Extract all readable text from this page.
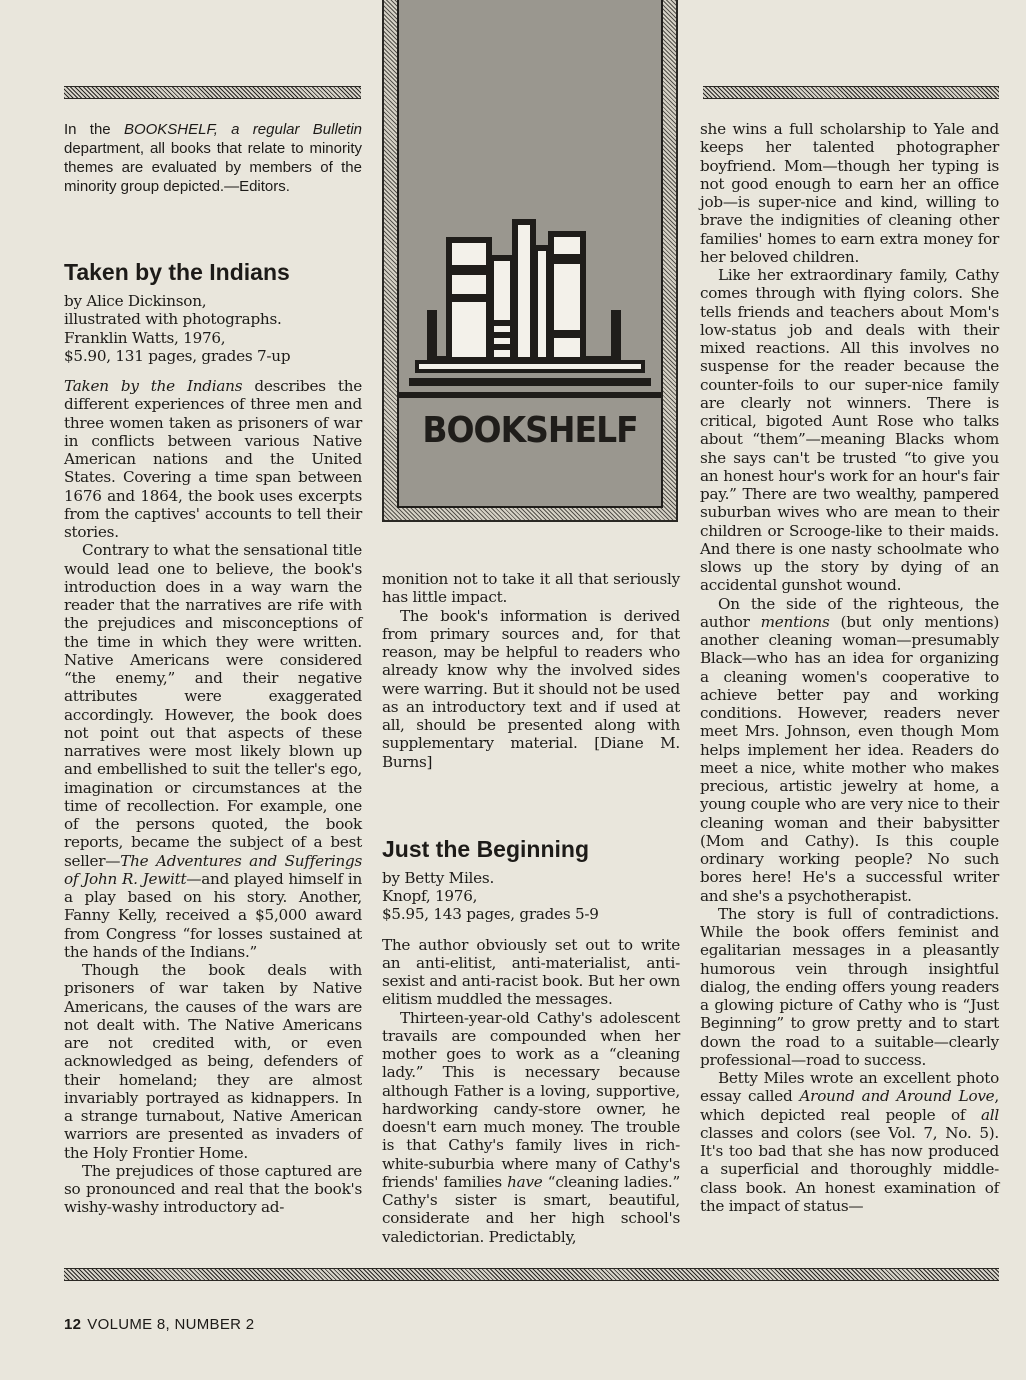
BOOKSHELF
In the BOOKSHELF, a regular Bulletin department, all books that relate to minority themes are evaluated by members of the minority group depicted.—Editors.
Taken by the Indians
by Alice Dickinson,
illustrated with photographs.
Franklin Watts, 1976,
$5.90, 131 pages, grades 7-up

Taken by the Indians describes the different experiences of three men and three women taken as prisoners of war in conflicts between various Native American nations and the United States. Covering a time span between 1676 and 1864, the book uses excerpts from the captives' accounts to tell their stories.

Contrary to what the sensational title would lead one to believe, the book's introduction does in a way warn the reader that the narratives are rife with the prejudices and misconceptions of the time in which they were written. Native Americans were considered “the enemy,” and their negative attributes were exaggerated accordingly. However, the book does not point out that aspects of these narratives were most likely blown up and embellished to suit the teller's ego, imagination or circumstances at the time of recollection. For example, one of the persons quoted, the book reports, became the subject of a best seller—The Adventures and Sufferings of John R. Jewitt—and played himself in a play based on his story. Another, Fanny Kelly, received a $5,000 award from Congress “for losses sustained at the hands of the Indians.”

Though the book deals with prisoners of war taken by Native Americans, the causes of the wars are not dealt with. The Native Americans are not credited with, or even acknowledged as being, defenders of their homeland; they are almost invariably portrayed as kidnappers. In a strange turnabout, Native American warriors are presented as invaders of the Holy Frontier Home.

The prejudices of those captured are so pronounced and real that the book's wishy-washy introductory ad-

monition not to take it all that seriously has little impact.

The book's information is derived from primary sources and, for that reason, may be helpful to readers who already know why the involved sides were warring. But it should not be used as an introductory text and if used at all, should be presented along with supplementary material. [Diane M. Burns]

Just the Beginning
by Betty Miles.
Knopf, 1976,
$5.95, 143 pages, grades 5-9

The author obviously set out to write an anti-elitist, anti-materialist, anti-sexist and anti-racist book. But her own elitism muddled the messages.

Thirteen-year-old Cathy's adolescent travails are compounded when her mother goes to work as a “cleaning lady.” This is necessary because although Father is a loving, supportive, hardworking candy-store owner, he doesn't earn much money. The trouble is that Cathy's family lives in rich-white-suburbia where many of Cathy's friends' families have “cleaning ladies.” Cathy's sister is smart, beautiful, considerate and her high school's valedictorian. Predictably,

she wins a full scholarship to Yale and keeps her talented photographer boyfriend. Mom—though her typing is not good enough to earn her an office job—is super-nice and kind, willing to brave the indignities of cleaning other families' homes to earn extra money for her beloved children.

Like her extraordinary family, Cathy comes through with flying colors. She tells friends and teachers about Mom's low-status job and deals with their mixed reactions. All this involves no suspense for the reader because the counter-foils to our super-nice family are clearly not winners. There is critical, bigoted Aunt Rose who talks about “them”—meaning Blacks whom she says can't be trusted “to give you an honest hour's work for an hour's fair pay.” There are two wealthy, pampered suburban wives who are mean to their children or Scrooge-like to their maids. And there is one nasty schoolmate who slows up the story by dying of an accidental gunshot wound.

On the side of the righteous, the author mentions (but only mentions) another cleaning woman—presumably Black—who has an idea for organizing a cleaning women's cooperative to achieve better pay and working conditions. However, readers never meet Mrs. Johnson, even though Mom helps implement her idea. Readers do meet a nice, white mother who makes precious, artistic jewelry at home, a young couple who are very nice to their cleaning woman and their babysitter (Mom and Cathy). Is this couple ordinary working people? No such bores here! He's a successful writer and she's a psychotherapist.

The story is full of contradictions. While the book offers feminist and egalitarian messages in a pleasantly humorous vein through insightful dialog, the ending offers young readers a glowing picture of Cathy who is “Just Beginning” to grow pretty and to start down the road to a suitable—clearly professional—road to success.

Betty Miles wrote an excellent photo essay called Around and Around Love, which depicted real people of all classes and colors (see Vol. 7, No. 5). It's too bad that she has now produced a superficial and thoroughly middle-class book. An honest examination of the impact of status—

12 VOLUME 8, NUMBER 2
